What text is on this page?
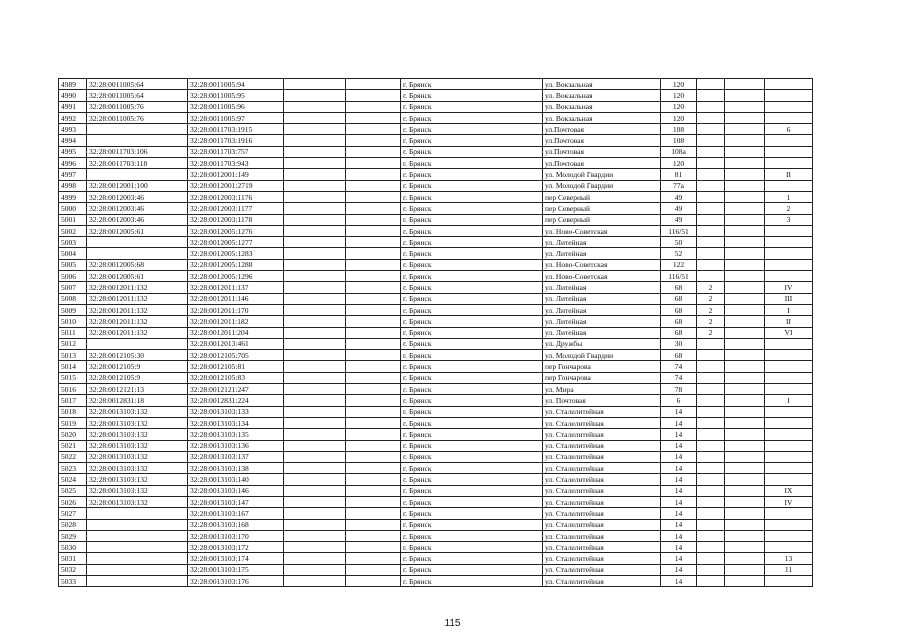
4989	32:28:0011005:64	32:28:0011005:94			г. Брянск	ул. Вокзальная	120			
4990	32:28:0011005:64	32:28:0011005:95			г. Брянск	ул. Вокзальная	120			
4991	32:28:0011005:76	32:28:0011005:96			г. Брянск	ул. Вокзальная	120			
4992	32:28:0011005:76	32:28:0011005:97			г. Брянск	ул. Вокзальная	120			
4993		32:28:0011703:1915			г. Брянск	ул.Почтовая	108			6
4994		32:28:0011703:1916			г. Брянск	ул.Почтовая	108			
4995	32:28:0011703:106	32:28:0011703:757			г. Брянск	ул.Почтовая	108а			
4996	32:28:0011703:118	32:28:0011703:943			г. Брянск	ул.Почтовая	120			
4997		32:28:0012001:149			г. Брянск	ул. Молодой Гвардии	81			II
4998	32:28:0012001:100	32:28:0012001:2719			г. Брянск	ул. Молодой Гвардии	77а			
4999	32:28:0012003:46	32:28:0012003:1176			г. Брянск	пер Северный	49			1
5000	32:28:0012003:46	32:28:0012003:1177			г. Брянск	пер Северный	49			2
5001	32:28:0012003:46	32:28:0012003:1178			г. Брянск	пер Северный	49			3
5002	32:28:0012005:61	32:28:0012005:1276			г. Брянск	ул. Ново-Советская	116/51			
5003		32:28:0012005:1277			г. Брянск	ул. Литейная	50			
5004		32:28:0012005:1283			г. Брянск	ул. Литейная	52			
5005	32:28:0012005:68	32:28:0012005:1288			г. Брянск	ул. Ново-Советская	122			
5006	32:28:0012005:61	32:28:0012005:1296			г. Брянск	ул. Ново-Советская	116/51			
5007	32:28:0012011:132	32:28:0012011:137			г. Брянск	ул. Литейная	68	2		IV
5008	32:28:0012011:132	32:28:0012011:146			г. Брянск	ул. Литейная	68	2		III
5009	32:28:0012011:132	32:28:0012011:170			г. Брянск	ул. Литейная	68	2		I
5010	32:28:0012011:132	32:28:0012011:182			г. Брянск	ул. Литейная	68	2		II
5011	32:28:0012011:132	32:28:0012011:204			г. Брянск	ул. Литейная	68	2		VI
5012		32:28:0012013:461			г. Брянск	ул. Дружбы	30			
5013	32:28:0012105:30	32:28:0012105:705			г. Брянск	ул. Молодой Гвардии	68			
5014	32:28:0012105:9	32:28:0012105:81			г. Брянск	пер Гончарова	74			
5015	32:28:0012105:9	32:28:0012105:83			г. Брянск	пер Гончарова	74			
5016	32:28:0012121:13	32:28:0012121:247			г. Брянск	ул. Мира	78			
5017	32:28:0012831:18	32:28:0012831:224			г. Брянск	ул. Почтовая	6			I
5018	32:28:0013103:132	32:28:0013103:133			г. Брянск	ул. Сталелитейная	14			
5019	32:28:0013103:132	32:28:0013103:134			г. Брянск	ул. Сталелитейная	14			
5020	32:28:0013103:132	32:28:0013103:135			г. Брянск	ул. Сталелитейная	14			
5021	32:28:0013103:132	32:28:0013103:136			г. Брянск	ул. Сталелитейная	14			
5022	32:28:0013103:132	32:28:0013103:137			г. Брянск	ул. Сталелитейная	14			
5023	32:28:0013103:132	32:28:0013103:138			г. Брянск	ул. Сталелитейная	14			
5024	32:28:0013103:132	32:28:0013103:140			г. Брянск	ул. Сталелитейная	14			
5025	32:28:0013103:132	32:28:0013103:146			г. Брянск	ул. Сталелитейная	14			IX
5026	32:28:0013103:132	32:28:0013103:147			г. Брянск	ул. Сталелитейная	14			IV
5027		32:28:0013103:167			г. Брянск	ул. Сталелитейная	14			
5028		32:28:0013103:168			г. Брянск	ул. Сталелитейная	14			
5029		32:28:0013103:170			г. Брянск	ул. Сталелитейная	14			
5030		32:28:0013103:172			г. Брянск	ул. Сталелитейная	14			
5031		32:28:0013103:174			г. Брянск	ул. Сталелитейная	14			13
5032		32:28:0013103:175			г. Брянск	ул. Сталелитейная	14			11
5033		32:28:0013103:176			г. Брянск	ул. Сталелитейная	14			
115
